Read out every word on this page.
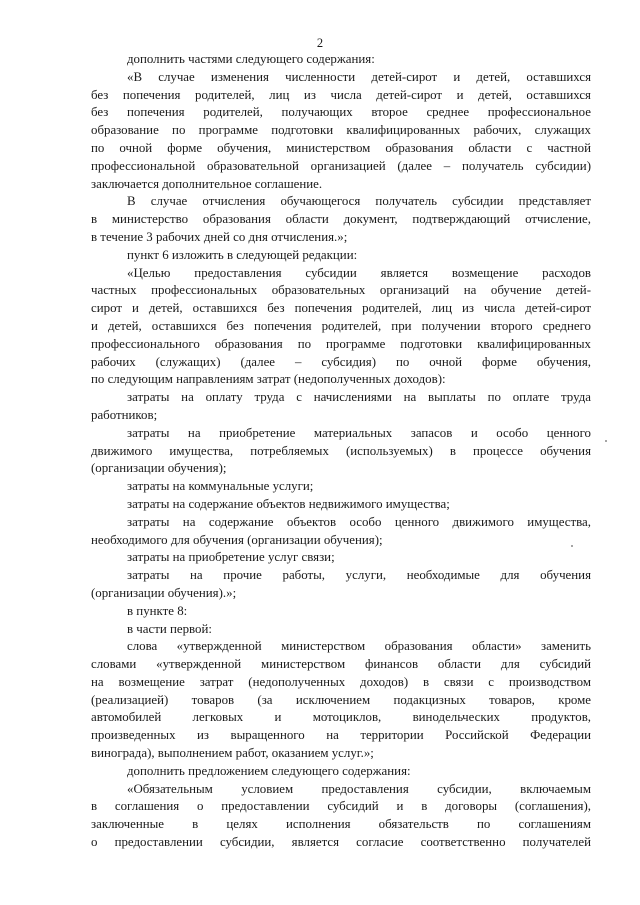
2
дополнить частями следующего содержания:
«В случае изменения численности детей-сирот и детей, оставшихся
без попечения родителей, лиц из числа детей-сирот и детей, оставшихся
без попечения родителей, получающих второе среднее профессиональное
образование по программе подготовки квалифицированных рабочих, служащих
по очной форме обучения, министерством образования области с частной
профессиональной образовательной организацией (далее – получатель субсидии)
заключается дополнительное соглашение.
В случае отчисления обучающегося получатель субсидии представляет
в министерство образования области документ, подтверждающий отчисление,
в течение 3 рабочих дней со дня отчисления.»;
пункт 6 изложить в следующей редакции:
«Целью предоставления субсидии является возмещение расходов
частных профессиональных образовательных организаций на обучение детей-
сирот и детей, оставшихся без попечения родителей, лиц из числа детей-сирот
и детей, оставшихся без попечения родителей, при получении второго среднего
профессионального образования по программе подготовки квалифицированных
рабочих (служащих) (далее – субсидия) по очной форме обучения,
по следующим направлениям затрат (недополученных доходов):
затраты на оплату труда с начислениями на выплаты по оплате труда
работников;
затраты на приобретение материальных запасов и особо ценного
движимого имущества, потребляемых (используемых) в процессе обучения
(организации обучения);
затраты на коммунальные услуги;
затраты на содержание объектов недвижимого имущества;
затраты на содержание объектов особо ценного движимого имущества,
необходимого для обучения (организации обучения);
затраты на приобретение услуг связи;
затраты на прочие работы, услуги, необходимые для обучения
(организации обучения).»;
в пункте 8:
в части первой:
слова «утвержденной министерством образования области» заменить
словами «утвержденной министерством финансов области для субсидий
на возмещение затрат (недополученных доходов) в связи с производством
(реализацией) товаров (за исключением подакцизных товаров, кроме
автомобилей легковых и мотоциклов, винодельческих продуктов,
произведенных из выращенного на территории Российской Федерации
винограда), выполнением работ, оказанием услуг.»;
дополнить предложением следующего содержания:
«Обязательным условием предоставления субсидии, включаемым
в соглашения о предоставлении субсидий и в договоры (соглашения),
заключенные в целях исполнения обязательств по соглашениям
о предоставлении субсидии, является согласие соответственно получателей
